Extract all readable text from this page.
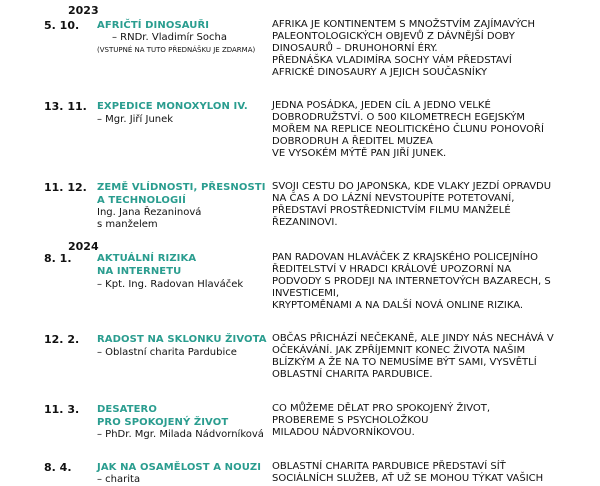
2023
5. 10. AFRIČTÍ DINOSAUŘI
– RNDr. Vladimír Socha
(VSTUPNÉ NA TUTO PŘEDNÁŠKU JE ZDARMA)
AFRIKA JE KONTINENTEM S MNOŽSTVÍM ZAJÍMAVÝCH
PALEONTOLOGICKÝCH OBJEVŮ Z DÁVNĚJŠÍ DOBY
DINOSAURŮ – DRUHOHORNÍ ÉRY.
PŘEDNÁŠKA VLADIMÍRA SOCHY VÁM PŘEDSTAVÍ
AFRICKÉ DINOSAURY A JEJICH SOUČASNÍKY
13. 11. EXPEDICE MONOXYLON IV.
– Mgr. Jiří Junek
JEDNA POSÁDKA, JEDEN CÍL A JEDNO VELKÉ
DOBRODRUŽSTVÍ. O 500 KILOMETRECH EGEJSKÝM
MOŘEM NA REPLICE NEOLITICKÉHO ČLUNU POHOVOŘÍ
DOBRODRUH A ŘEDITEL MUZEA
VE VYSOKÉM MÝTĚ PAN JIŘÍ JUNEK.
11. 12. ZEMĚ VLÍDNOSTI, PŘESNOSTI
A TECHNOLOGIÍ
Ing. Jana Řezaninová
s manželem
SVOJI CESTU DO JAPONSKA, KDE VLAKY JEZDÍ OPRAVDU
NA ČAS A DO LÁZNÍ NEVSTOUPÍTE POTETOVANÍ,
PŘEDSTAVÍ PROSTŘEDNICTVÍM FILMU MANŽELÉ
ŘEZANINOVI.
2024
8. 1.	AKTUÁLNÍ RIZIKA
NA INTERNETU
– Kpt. Ing. Radovan Hlaváček
PAN RADOVAN HLAVÁČEK Z KRAJSKÉHO POLICEJNÍHO
ŘEDITELSTVÍ V HRADCI KRÁLOVÉ UPOZORNÍ NA
PODVODY S PRODEJI NA INTERNETOVÝCH BAZARECH, S
INVESTICEMI,
KRYPTOMĚNAMI A NA DALŠÍ NOVÁ ONLINE RIZIKA.
12. 2. RADOST NA SKLONKU ŽIVOTA
– Oblastní charita Pardubice
OBČAS PŘICHÁZÍ NEČEKANĚ, ALE JINDY NÁS NECHÁVÁ V
OČEKÁVÁNÍ. JAK ZPŘÍJEMNIT KONEC ŽIVOTA NAŠIM
BLÍZKÝM A ŽE NA TO NEMUSÍME BÝT SAMI, VYSVĚTLÍ
OBLASTNÍ CHARITA PARDUBICE.
11. 3. DESATERO
PRO SPOKOJENÝ ŽIVOT
– PhDr. Mgr. Milada Nádvorníková
CO MŮŽEME DĚLAT PRO SPOKOJENÝ ŽIVOT,
PROBEREME S PSYCHOLOŽKOU
MILADOU NÁDVORNÍKOVOU.
8. 4.	JAK NA OSAMĚLOST A NOUZI
– charita
OBLASTNÍ CHARITA PARDUBICE PŘEDSTAVÍ SÍŤ
SOCIÁLNÍCH SLUŽEB, AŤ UŽ SE MOHOU TÝKAT VAŠICH
